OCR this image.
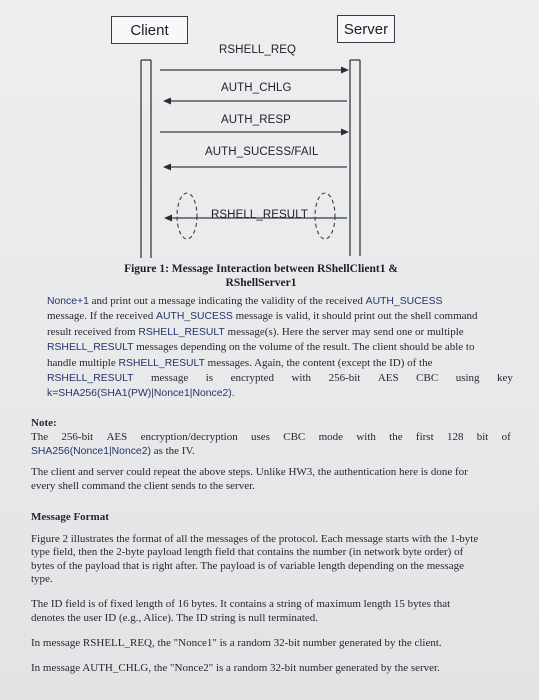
Client	Server
RSHELL_REQ
AUTH_CHLG
AUTH_RESP
AUTH_SUCESS/FAIL
RSHELL_RESULT
Figure 1: Message Interaction between RShellClient1 &
RShellServer1
Nonce+1 and print out a message indicating the validity of the received AUTH_SUCESS
message. If the received AUTH_SUCESS message is valid, it should print out the shell command
result received from RSHELL_RESULT message(s). Here the server may send one or multiple
RSHELL_RESULT messages depending on the volume of the result. The client should be able to
handle multiple RSHELL_RESULT messages. Again, the content (except the ID) of the
RSHELL_RESULT message is encrypted with 256-bit AES CBC using key
k=SHA256(SHA1(PW)|Nonce1|Nonce2).
Note:
The 256-bit AES encryption/decryption uses CBC mode with the first 128 bit of
SHA256(Nonce1|Nonce2) as the IV.
The client and server could repeat the above steps. Unlike HW3, the authentication here is done for
every shell command the client sends to the server.
Message Format
Figure 2 illustrates the format of all the messages of the protocol. Each message starts with the 1-byte
type field, then the 2-byte payload length field that contains the number (in network byte order) of
bytes of the payload that is right after. The payload is of variable length depending on the message
type.
The ID field is of fixed length of 16 bytes. It contains a string of maximum length 15 bytes that
denotes the user ID (e.g., Alice). The ID string is null terminated.
In message RSHELL_REQ, the "Nonce1" is a random 32-bit number generated by the client.
In message AUTH_CHLG, the "Nonce2" is a random 32-bit number generated by the server.
